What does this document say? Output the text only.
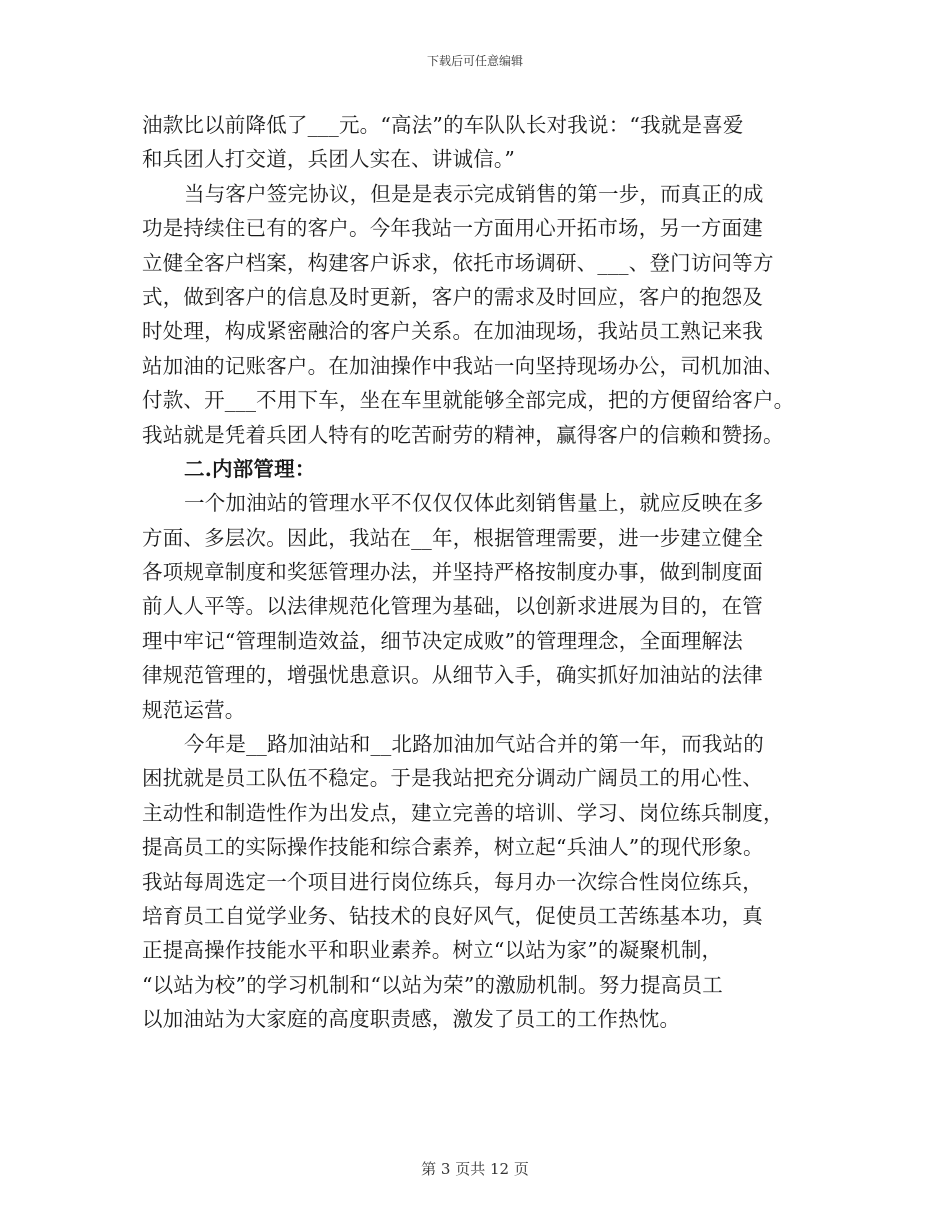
下载后可任意编辑
油款比以前降低了___元。“高法”的车队队长对我说：“我就是喜爱
和兵团人打交道，兵团人实在、讲诚信。”
当与客户签完协议，但是是表示完成销售的第一步，而真正的成
功是持续住已有的客户。今年我站一方面用心开拓市场，另一方面建
立健全客户档案，构建客户诉求，依托市场调研、___、登门访问等方
式，做到客户的信息及时更新，客户的需求及时回应，客户的抱怨及
时处理，构成紧密融洽的客户关系。在加油现场，我站员工熟记来我
站加油的记账客户。在加油操作中我站一向坚持现场办公，司机加油、
付款、开___不用下车，坐在车里就能够全部完成，把的方便留给客户。
我站就是凭着兵团人特有的吃苦耐劳的精神，赢得客户的信赖和赞扬。
二.内部管理：
一个加油站的管理水平不仅仅仅体此刻销售量上，就应反映在多
方面、多层次。因此，我站在__年，根据管理需要，进一步建立健全
各项规章制度和奖惩管理办法，并坚持严格按制度办事，做到制度面
前人人平等。以法律规范化管理为基础，以创新求进展为目的，在管
理中牢记“管理制造效益，细节决定成败”的管理理念，全面理解法
律规范管理的，增强忧患意识。从细节入手，确实抓好加油站的法律
规范运营。
今年是__路加油站和__北路加油加气站合并的第一年，而我站的
困扰就是员工队伍不稳定。于是我站把充分调动广阔员工的用心性、
主动性和制造性作为出发点，建立完善的培训、学习、岗位练兵制度，
提高员工的实际操作技能和综合素养，树立起“兵油人”的现代形象。
我站每周选定一个项目进行岗位练兵，每月办一次综合性岗位练兵，
培育员工自觉学业务、钻技术的良好风气，促使员工苦练基本功，真
正提高操作技能水平和职业素养。树立“以站为家”的凝聚机制，
“以站为校”的学习机制和“以站为荣”的激励机制。努力提高员工
以加油站为大家庭的高度职责感，激发了员工的工作热忱。
第 3 页共 12 页
